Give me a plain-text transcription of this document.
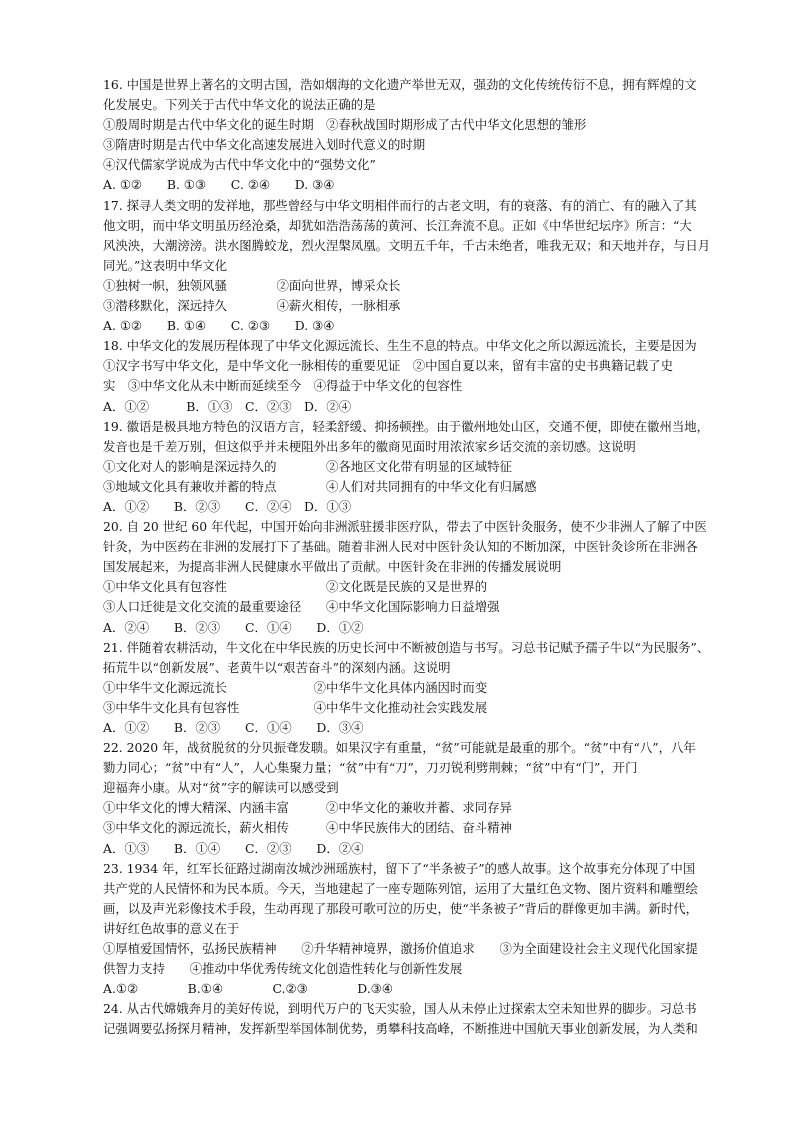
16. 中国是世界上著名的文明古国，浩如烟海的文化遗产举世无双，强劲的文化传统传衍不息，拥有辉煌的文
化发展史。下列关于古代中华文化的说法正确的是
①殷周时期是古代中华文化的诞生时期　②春秋战国时期形成了古代中华文化思想的雏形
③隋唐时期是古代中华文化高速发展进入划时代意义的时期
④汉代儒家学说成为古代中华文化中的“强势文化”
A. ①②　　B. ①③　　C. ②④　　D. ③④
17. 探寻人类文明的发祥地，那些曾经与中华文明相伴而行的古老文明，有的衰落、有的消亡、有的融入了其
他文明，而中华文明虽历经沧桑，却犹如浩浩荡荡的黄河、长江奔流不息。正如《中华世纪坛序》所言：“大
风泱泱，大潮滂滂。洪水图腾蛟龙，烈火涅槃凤凰。文明五千年，千古未绝者，唯我无双；和天地并存，与日月
同光。”这表明中华文化
①独树一帜，独领风骚　　　　②面向世界，博采众长
③潜移默化，深远持久　　　　④薪火相传，一脉相承
A. ①②　　B. ①④　　C. ②③　　D. ③④
18. 中华文化的发展历程体现了中华文化源远流长、生生不息的特点。中华文化之所以源远流长，主要是因为
①汉字书写中华文化，是中华文化一脉相传的重要见证　②中国自夏以来，留有丰富的史书典籍记载了史
实　③中华文化从未中断而延续至今　④得益于中华文化的包容性
A．①②　　　B．①③　C．②③　D．②④
19. 徽语是极具地方特色的汉语方言，轻柔舒缓、抑扬顿挫。由于徽州地处山区，交通不便，即使在徽州当地，
发音也是千差万别，但这似乎并未梗阻外出多年的徽商见面时用浓浓家乡话交流的亲切感。这说明
①文化对人的影响是深远持久的　　　　②各地区文化带有明显的区域特征
③地域文化具有兼收并蓄的特点　　　　④人们对共同拥有的中华文化有归属感
A．①②　　B．②③　　C．②④　D．①③
20. 自 20 世纪 60 年代起，中国开始向非洲派驻援非医疗队，带去了中医针灸服务，使不少非洲人了解了中医
针灸，为中医药在非洲的发展打下了基础。随着非洲人民对中医针灸认知的不断加深，中医针灸诊所在非洲各
国发展起来，为提高非洲人民健康水平做出了贡献。中医针灸在非洲的传播发展说明
①中华文化具有包容性　　　　　　　　②文化既是民族的又是世界的
③人口迁徙是文化交流的最重要途径　　④中华文化国际影响力日益增强
A．②④　　B．②③　　C．①④　　D．①②
21. 伴随着农耕活动，牛文化在中华民族的历史长河中不断被创造与书写。习总书记赋予孺子牛以“为民服务”、
拓荒牛以“创新发展”、老黄牛以“艰苦奋斗”的深刻内涵。这说明
①中华牛文化源远流长　　　　　　　②中华牛文化具体内涵因时而变
③中华牛文化具有包容性　　　　　　④中华牛文化推动社会实践发展
A．①②　　B．②③　　C．①④　　D．③④
22. 2020 年，战贫脱贫的分贝振聋发聩。如果汉字有重量，“贫”可能就是最重的那个。“贫”中有“八”，八年
勠力同心；“贫”中有“人”，人心集聚力量；“贫”中有“刀”，刀刃锐利劈荆棘；“贫”中有“门”，开门
迎福奔小康。从对“贫”字的解读可以感受到
①中华文化的博大精深、内涵丰富　　　②中华文化的兼收并蓄、求同存异
③中华文化的源远流长，薪火相传　　　④中华民族伟大的团结、奋斗精神
A．①③　　B．①④　　C．②③　　D．②④
23. 1934 年，红军长征路过湖南汝城沙洲瑶族村，留下了“半条被子”的感人故事。这个故事充分体现了中国
共产党的人民情怀和为民本质。今天，当地建起了一座专题陈列馆，运用了大量红色文物、图片资料和雕塑绘
画，以及声光彩像技术手段，生动再现了那段可歌可泣的历史，使“半条被子”背后的群像更加丰满。新时代，
讲好红色故事的意义在于
①厚植爱国情怀，弘扬民族精神　　②升华精神境界，激扬价值追求　　③为全面建设社会主义现代化国家提
供智力支持　　④推动中华优秀传统文化创造性转化与创新性发展
A.①②　　　　B.①④　　　　C.②③　　　　D.③④
24. 从古代嫦娥奔月的美好传说，到明代万户的飞天实验，国人从未停止过探索太空未知世界的脚步。习总书
记强调要弘扬探月精神，发挥新型举国体制优势，勇攀科技高峰，不断推进中国航天事业创新发展，为人类和
